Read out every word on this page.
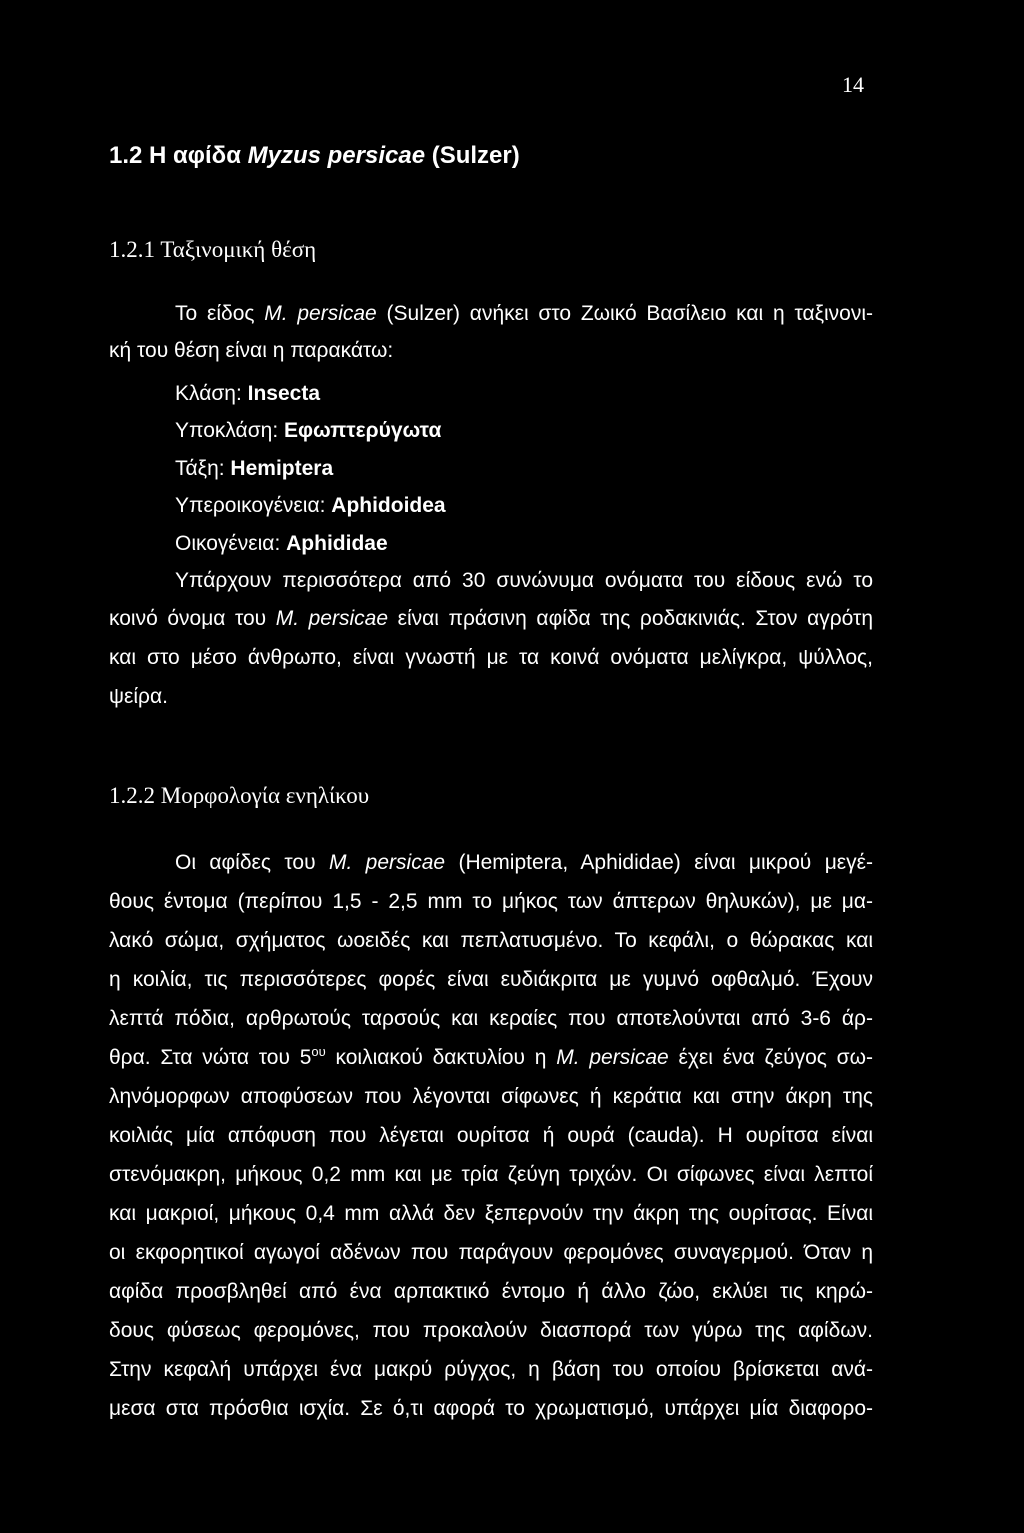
14
1.2 Η αφίδα Myzus persicae (Sulzer)
1.2.1 Ταξινομική θέση
Το είδος M. persicae (Sulzer) ανήκει στο Ζωικό Βασίλειο και η ταξινονι-
κή του θέση είναι η παρακάτω:
Κλάση: Insecta
Υποκλάση: Εφωπτερύγωτα
Τάξη: Hemiptera
Υπεροικογένεια: Aphidoidea
Οικογένεια: Aphididae
Υπάρχουν περισσότερα από 30 συνώνυμα ονόματα του είδους ενώ το
κοινό όνομα του M. persicae είναι πράσινη αφίδα της ροδακινιάς. Στον αγρότη
και στο μέσο άνθρωπο, είναι γνωστή με τα κοινά ονόματα μελίγκρα, ψύλλος,
ψείρα.
1.2.2 Μορφολογία ενηλίκου
Οι αφίδες του M. persicae (Hemiptera, Aphididae) είναι μικρού μεγέ-
θους έντομα (περίπου 1,5 - 2,5 mm το μήκος των άπτερων θηλυκών), με μα-
λακό σώμα, σχήματος ωοειδές και πεπλατυσμένο. Το κεφάλι, ο θώρακας και
η κοιλία, τις περισσότερες φορές είναι ευδιάκριτα με γυμνό οφθαλμό. Έχουν
λεπτά πόδια, αρθρωτούς ταρσούς και κεραίες που αποτελούνται από 3-6 άρ-
θρα. Στα νώτα του $5^{o\upsilon}$ κοιλιακού δακτυλίου η M. persicae έχει ένα ζεύγος σω-
ληνόμορφων αποφύσεων που λέγονται σίφωνες ή κεράτια και στην άκρη της
κοιλιάς μία απόφυση που λέγεται ουρίτσα ή ουρά (cauda). Η ουρίτσα είναι
στενόμακρη, μήκους 0,2 mm και με τρία ζεύγη τριχών. Οι σίφωνες είναι λεπτοί
και μακριοί, μήκους 0,4 mm αλλά δεν ξεπερνούν την άκρη της ουρίτσας. Είναι
οι εκφορητικοί αγωγοί αδένων που παράγουν φερομόνες συναγερμού. Όταν η
αφίδα προσβληθεί από ένα αρπακτικό έντομο ή άλλο ζώο, εκλύει τις κηρώ-
δους φύσεως φερομόνες, που προκαλούν διασπορά των γύρω της αφίδων.
Στην κεφαλή υπάρχει ένα μακρύ ρύγχος, η βάση του οποίου βρίσκεται ανά-
μεσα στα πρόσθια ισχία. Σε ό,τι αφορά το χρωματισμό, υπάρχει μία διαφορο-
